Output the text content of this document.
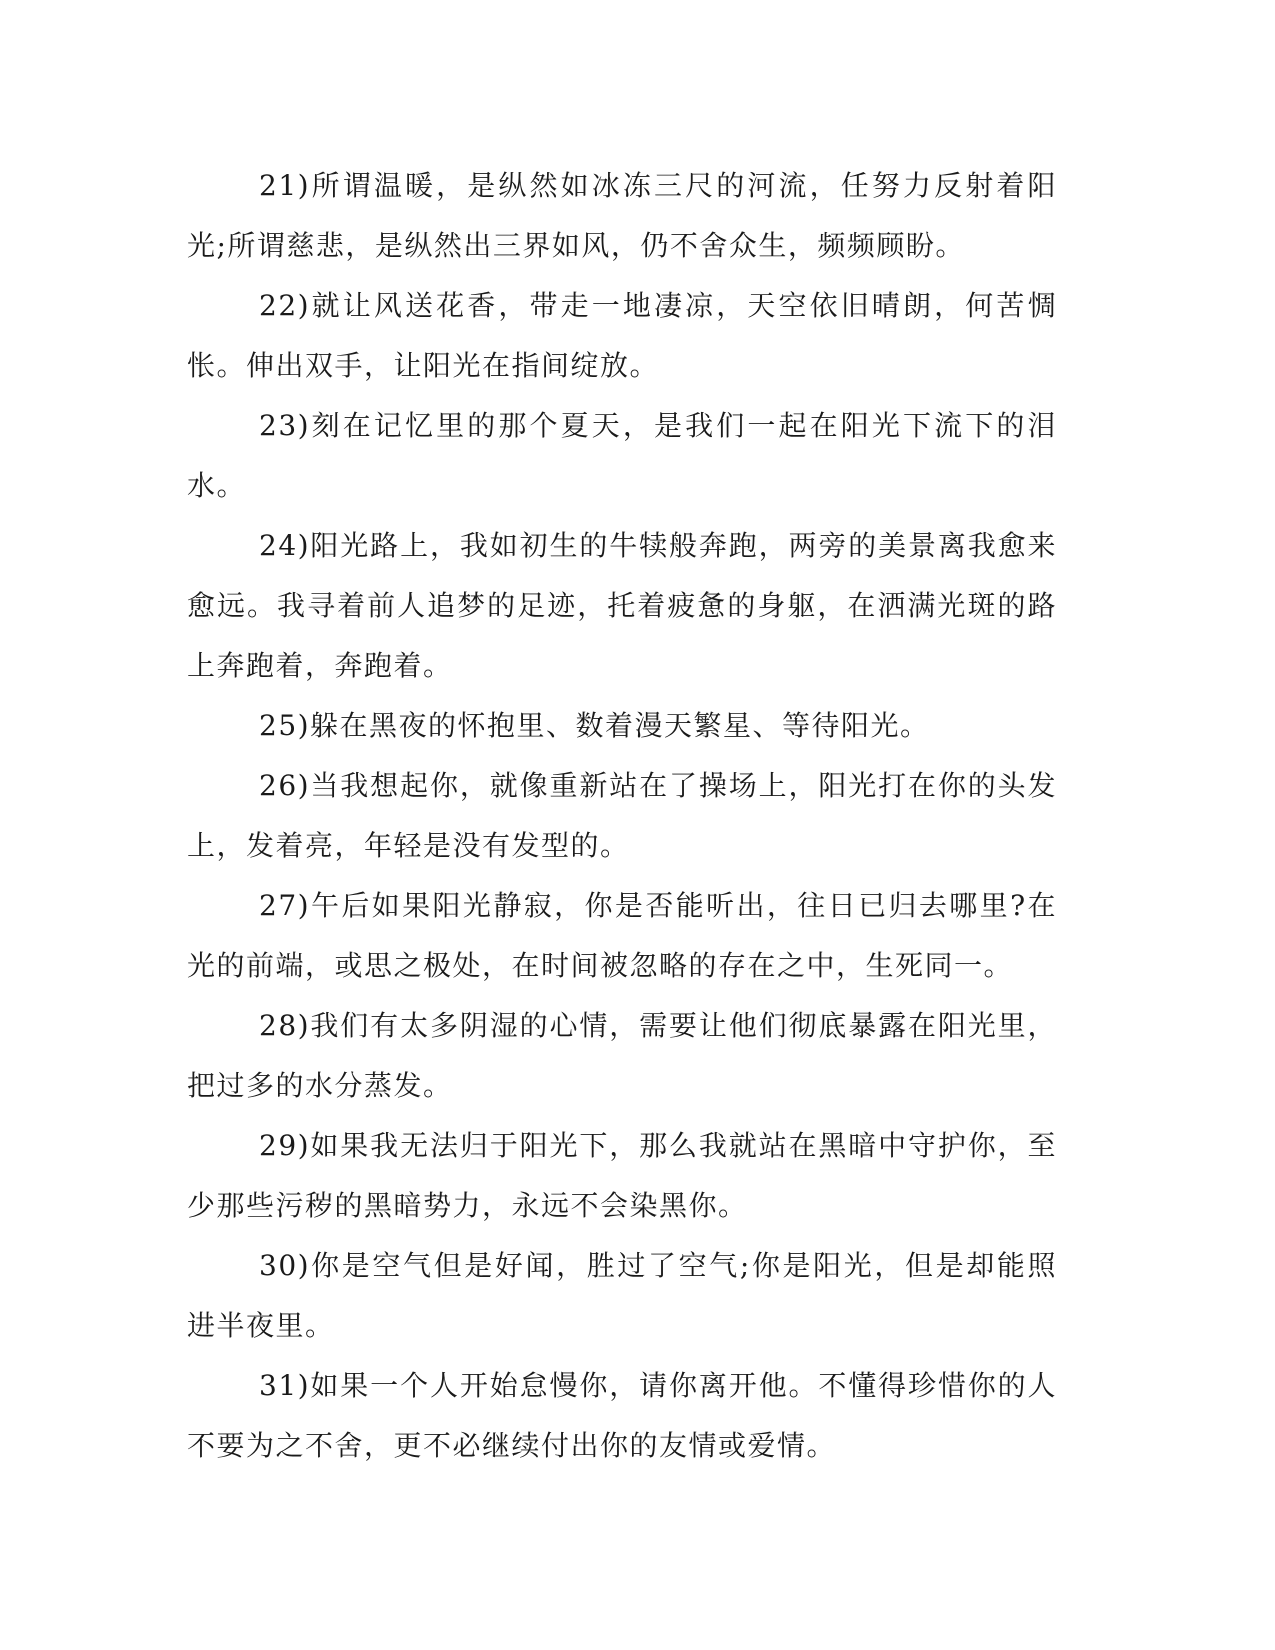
21)所谓温暖，是纵然如冰冻三尺的河流，任努力反射着阳光;所谓慈悲，是纵然出三界如风，仍不舍众生，频频顾盼。

22)就让风送花香，带走一地凄凉，天空依旧晴朗，何苦惆怅。伸出双手，让阳光在指间绽放。

23)刻在记忆里的那个夏天，是我们一起在阳光下流下的泪水。

24)阳光路上，我如初生的牛犊般奔跑，两旁的美景离我愈来愈远。我寻着前人追梦的足迹，托着疲惫的身躯，在洒满光斑的路上奔跑着，奔跑着。

25)躲在黑夜的怀抱里、数着漫天繁星、等待阳光。

26)当我想起你，就像重新站在了操场上，阳光打在你的头发上，发着亮，年轻是没有发型的。

27)午后如果阳光静寂，你是否能听出，往日已归去哪里?在光的前端，或思之极处，在时间被忽略的存在之中，生死同一。

28)我们有太多阴湿的心情，需要让他们彻底暴露在阳光里，把过多的水分蒸发。

29)如果我无法归于阳光下，那么我就站在黑暗中守护你，至少那些污秽的黑暗势力，永远不会染黑你。

30)你是空气但是好闻，胜过了空气;你是阳光，但是却能照进半夜里。

31)如果一个人开始怠慢你，请你离开他。不懂得珍惜你的人不要为之不舍，更不必继续付出你的友情或爱情。
